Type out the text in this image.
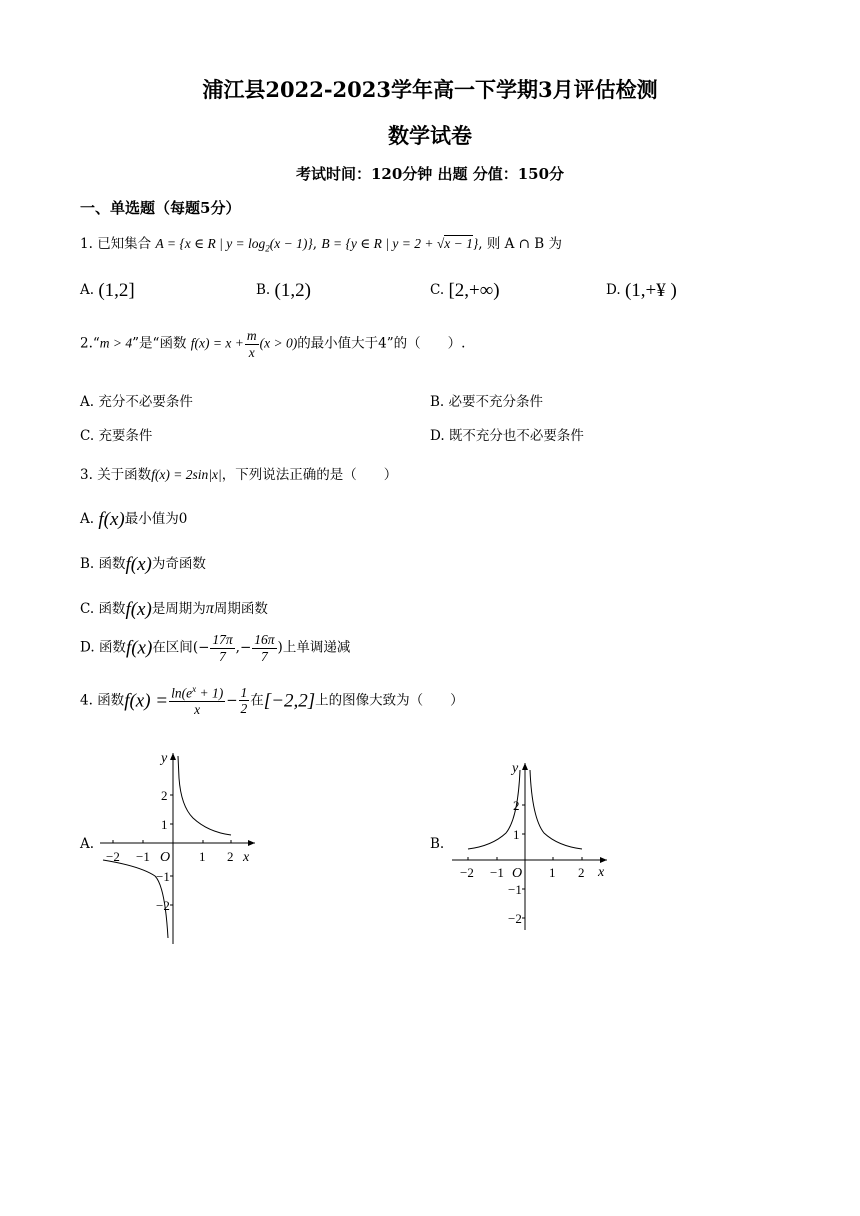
浦江县2022-2023学年高一下学期3月评估检测
数学试卷
考试时间：120分钟 出题 分值：150分
一、单选题（每题5分）
1. 已知集合 A = {x ∈ R | $y = \log_2(x - 1)$}, B = {y ∈ R | y = 2 + √x − 1}, 则 A ∩ B 为
A. (1,2]	B. (1,2)	C. [2,+∞)	D. (1,+¥ )
2.“m > 4”是“函数 $f(x) = x + \frac{m}{x} (x > 0)$的最小值大于4”的（　　）.
A. 充分不必要条件	B. 必要不充分条件
C. 充要条件	D. 既不充分也不必要条件
3. 关于函数f(x) = 2sin|x|，下列说法正确的是（　　）
A. f(x)最小值为0
B. 函数f(x)为奇函数
C. 函数f(x)是周期为π周期函数
D. 函数f(x)在区间(− $\frac{17\pi}{7}$ ,− $\frac{16\pi}{7}$ )上单调递减
4. 函数$f(x) = \frac{\ln(e^x + 1)}{x} - \frac{1}{2}$ 在[−2,2]上的图像大致为（　　）
A.	B.
y
x
O
−2 −1	1 2
2
1
−1
−2
y
x
O
−2 −1	1 2
2
1
−1
−2
